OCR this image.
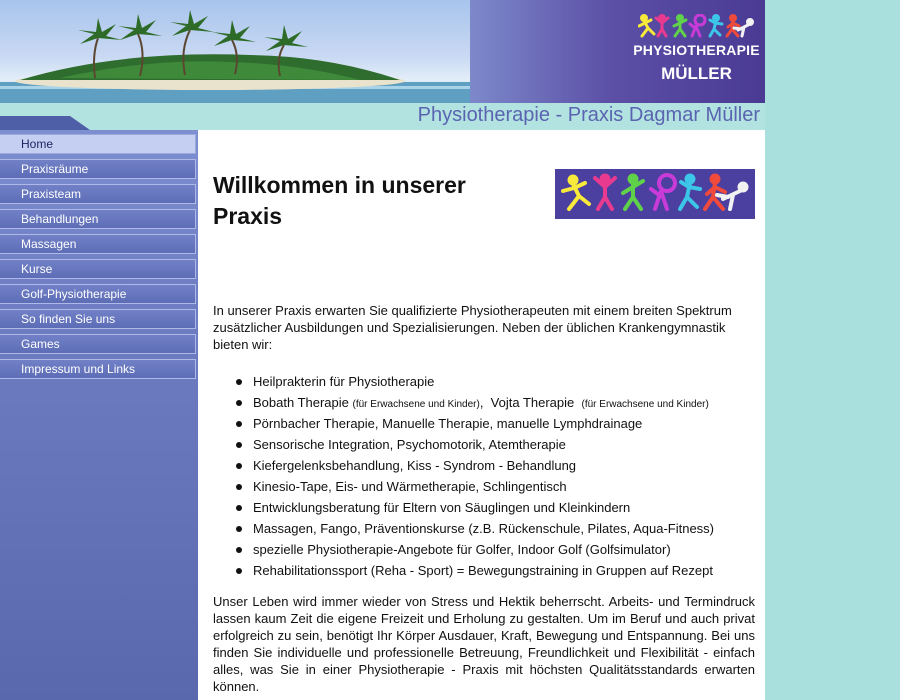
PHYSIOTHERAPIE
MÜLLER
Physiotherapie - Praxis Dagmar Müller
Home
Praxisräume
Praxisteam
Behandlungen
Massagen
Kurse
Golf-Physiotherapie
So finden Sie uns
Games
Impressum und Links
Willkommen in unserer Praxis

In unserer Praxis erwarten Sie qualifizierte Physiotherapeuten mit einem breiten Spektrum zusätzlicher Ausbildungen und Spezialisierungen. Neben der üblichen Krankengymnastik bieten wir:

Heilprakterin für Physiotherapie
Bobath Therapie (für Erwachsene und Kinder),  Vojta Therapie (für Erwachsene und Kinder)
Pörnbacher Therapie, Manuelle Therapie, manuelle Lymphdrainage
Sensorische Integration, Psychomotorik, Atemtherapie
Kiefergelenksbehandlung, Kiss - Syndrom - Behandlung
Kinesio-Tape, Eis- und Wärmetherapie, Schlingentisch
Entwicklungsberatung für Eltern von Säuglingen und Kleinkindern
Massagen, Fango, Präventionskurse (z.B. Rückenschule, Pilates, Aqua-Fitness)
spezielle Physiotherapie-Angebote für Golfer, Indoor Golf (Golfsimulator)
Rehabilitationssport (Reha - Sport) = Bewegungstraining in Gruppen auf Rezept

Unser Leben wird immer wieder von Stress und Hektik beherrscht. Arbeits- und Termindruck lassen kaum Zeit die eigene Freizeit und Erholung zu gestalten. Um im Beruf und auch privat erfolgreich zu sein, benötigt Ihr Körper Ausdauer, Kraft, Bewegung und Entspannung. Bei uns finden Sie individuelle und professionelle Betreuung, Freundlichkeit und Flexibilität - einfach alles, was Sie in einer Physiotherapie - Praxis mit höchsten Qualitätsstandards erwarten können.
